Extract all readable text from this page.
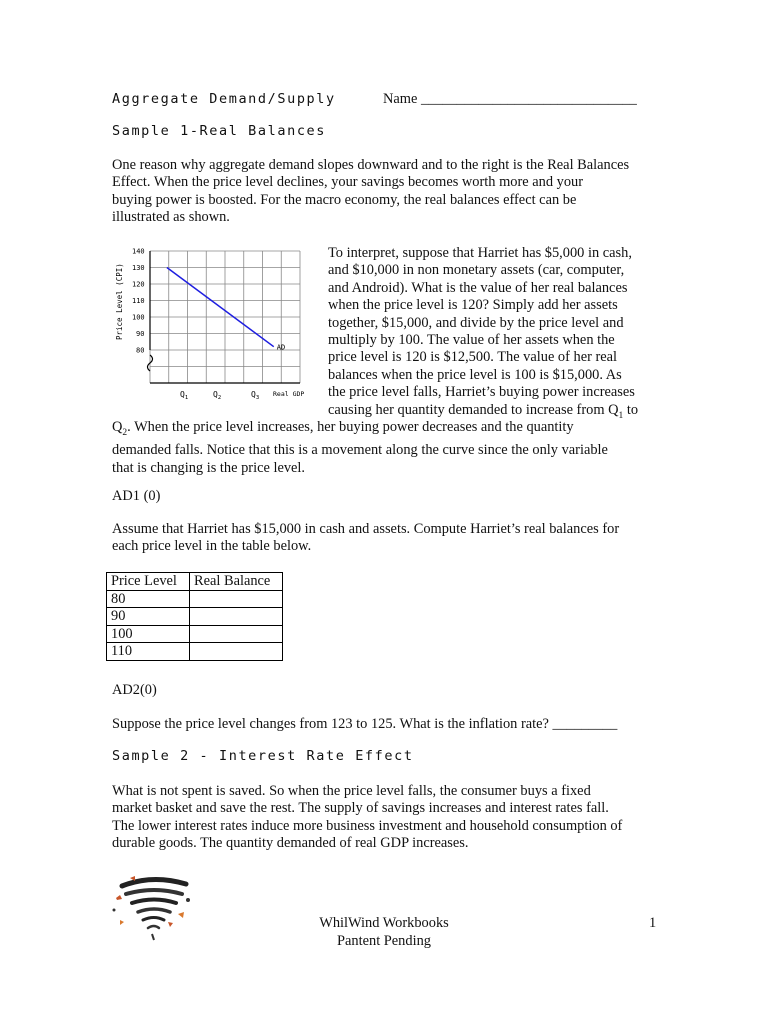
Aggregate Demand/Supply	Name ______________________________
Sample 1-Real Balances
One reason why aggregate demand slopes downward and to the right is the Real Balances
Effect. When the price level declines, your savings becomes worth more and your
buying power is boosted. For the macro economy, the real balances effect can be
illustrated as shown.
Price Level (CPI)
140
130
120
110
100
90
80	AD
$Q_1$	$Q_2$	$Q_3$ Real GDP
To interpret, suppose that Harriet has $5,000 in cash,
and $10,000 in non monetary assets (car, computer,
and Android). What is the value of her real balances
when the price level is 120? Simply add her assets
together, $15,000, and divide by the price level and
multiply by 100. The value of her assets when the
price level is 120 is $12,500. The value of her real
balances when the price level is 100 is $15,000. As
the price level falls, Harriet’s buying power increases
causing her quantity demanded to increase from $Q_1$ to
$Q_2$. When the price level increases, her buying power decreases and the quantity
demanded falls. Notice that this is a movement along the curve since the only variable
that is changing is the price level.
AD1 (0)
Assume that Harriet has $15,000 in cash and assets. Compute Harriet’s real balances for
each price level in the table below.
Price Level	Real Balance
80	
90	
100	
110	
AD2(0)
Suppose the price level changes from 123 to 125. What is the inflation rate? _________
Sample 2 - Interest Rate Effect
What is not spent is saved. So when the price level falls, the consumer buys a fixed
market basket and save the rest. The supply of savings increases and interest rates fall.
The lower interest rates induce more business investment and household consumption of
durable goods. The quantity demanded of real GDP increases.
WhilWind Workbooks
Pantent Pending
1
